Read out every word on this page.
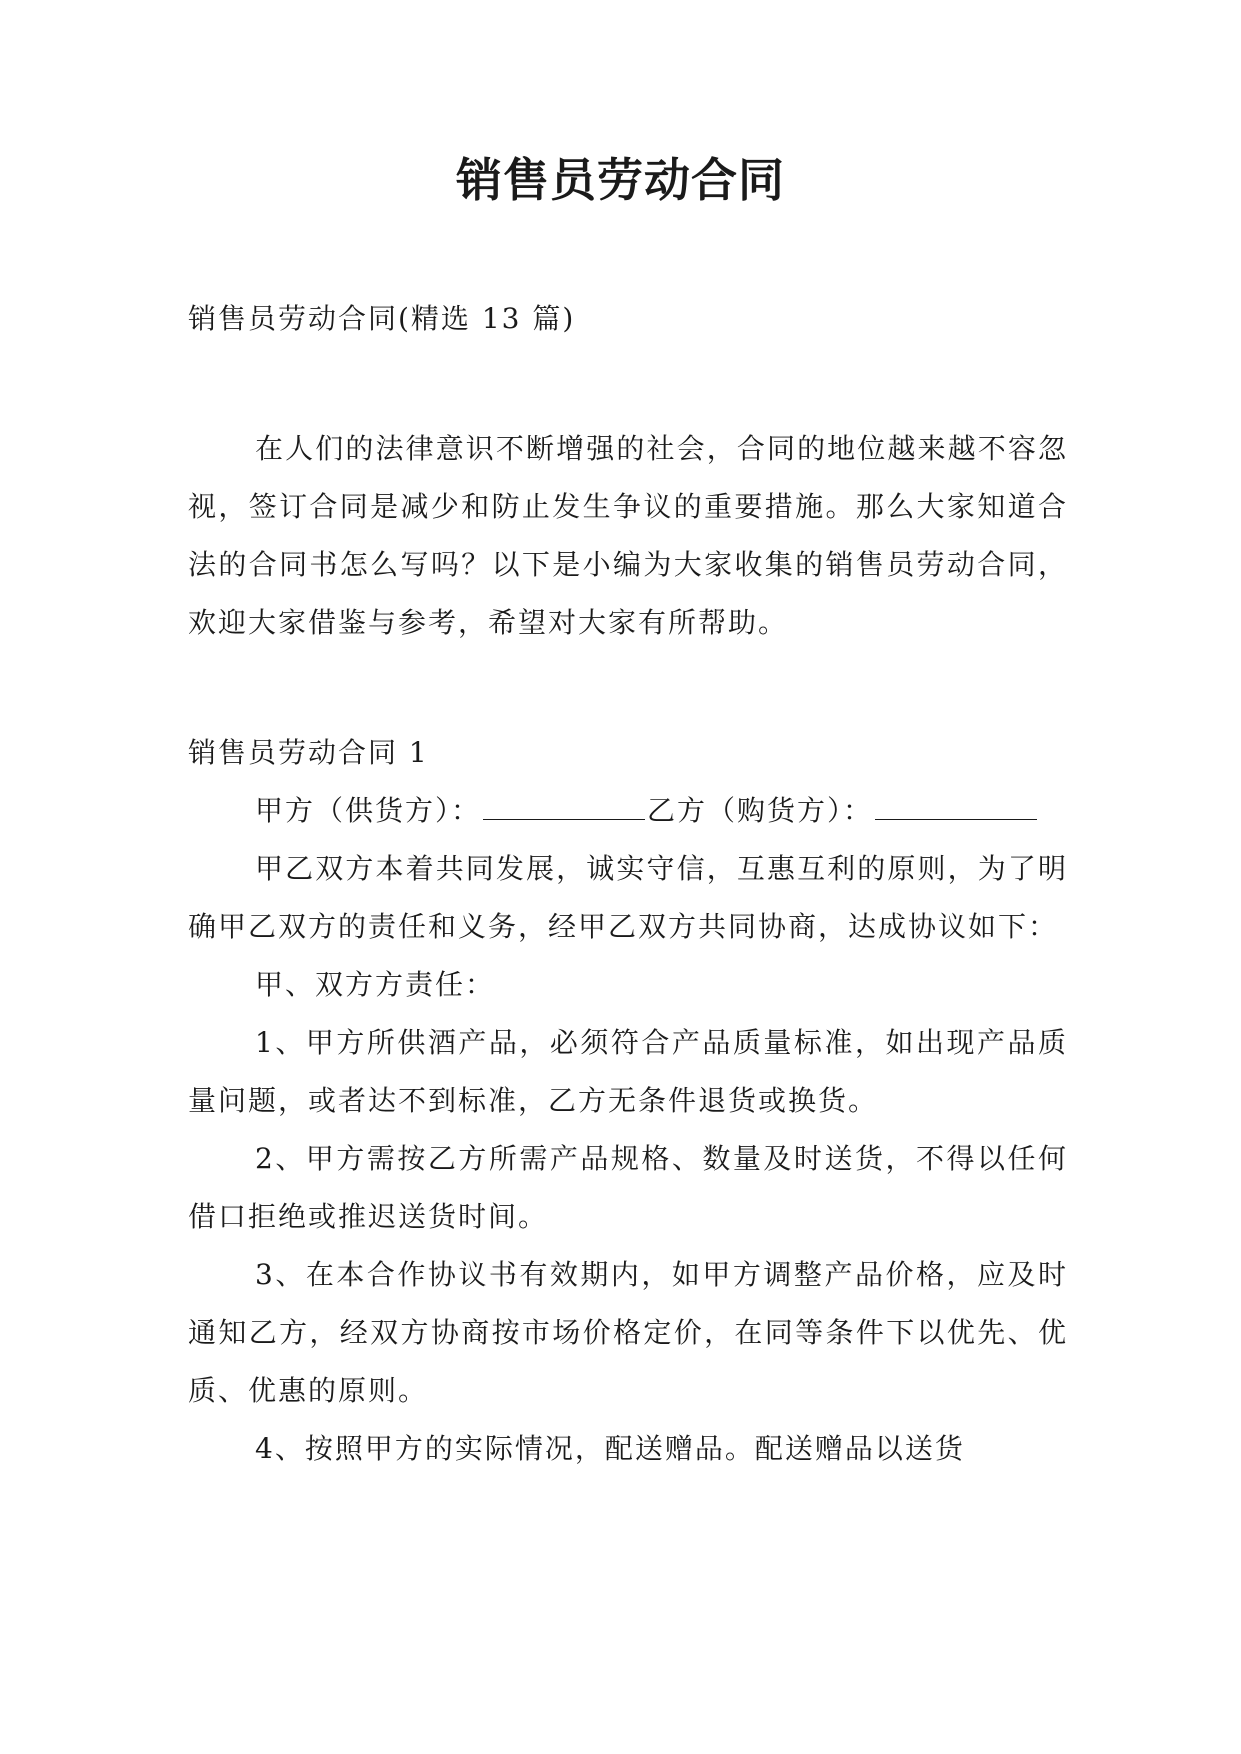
销售员劳动合同

销售员劳动合同(精选 13 篇)

在人们的法律意识不断增强的社会，合同的地位越来越不容忽视，签订合同是减少和防止发生争议的重要措施。那么大家知道合法的合同书怎么写吗？以下是小编为大家收集的销售员劳动合同，欢迎大家借鉴与参考，希望对大家有所帮助。

销售员劳动合同 1

甲方（供货方）：	乙方（购货方）：

甲乙双方本着共同发展，诚实守信，互惠互利的原则，为了明确甲乙双方的责任和义务，经甲乙双方共同协商，达成协议如下：

甲、双方方责任：

1、甲方所供酒产品，必须符合产品质量标准，如出现产品质量问题，或者达不到标准，乙方无条件退货或换货。

2、甲方需按乙方所需产品规格、数量及时送货，不得以任何借口拒绝或推迟送货时间。

3、在本合作协议书有效期内，如甲方调整产品价格，应及时通知乙方，经双方协商按市场价格定价，在同等条件下以优先、优质、优惠的原则。

4、按照甲方的实际情况，配送赠品。配送赠品以送货
